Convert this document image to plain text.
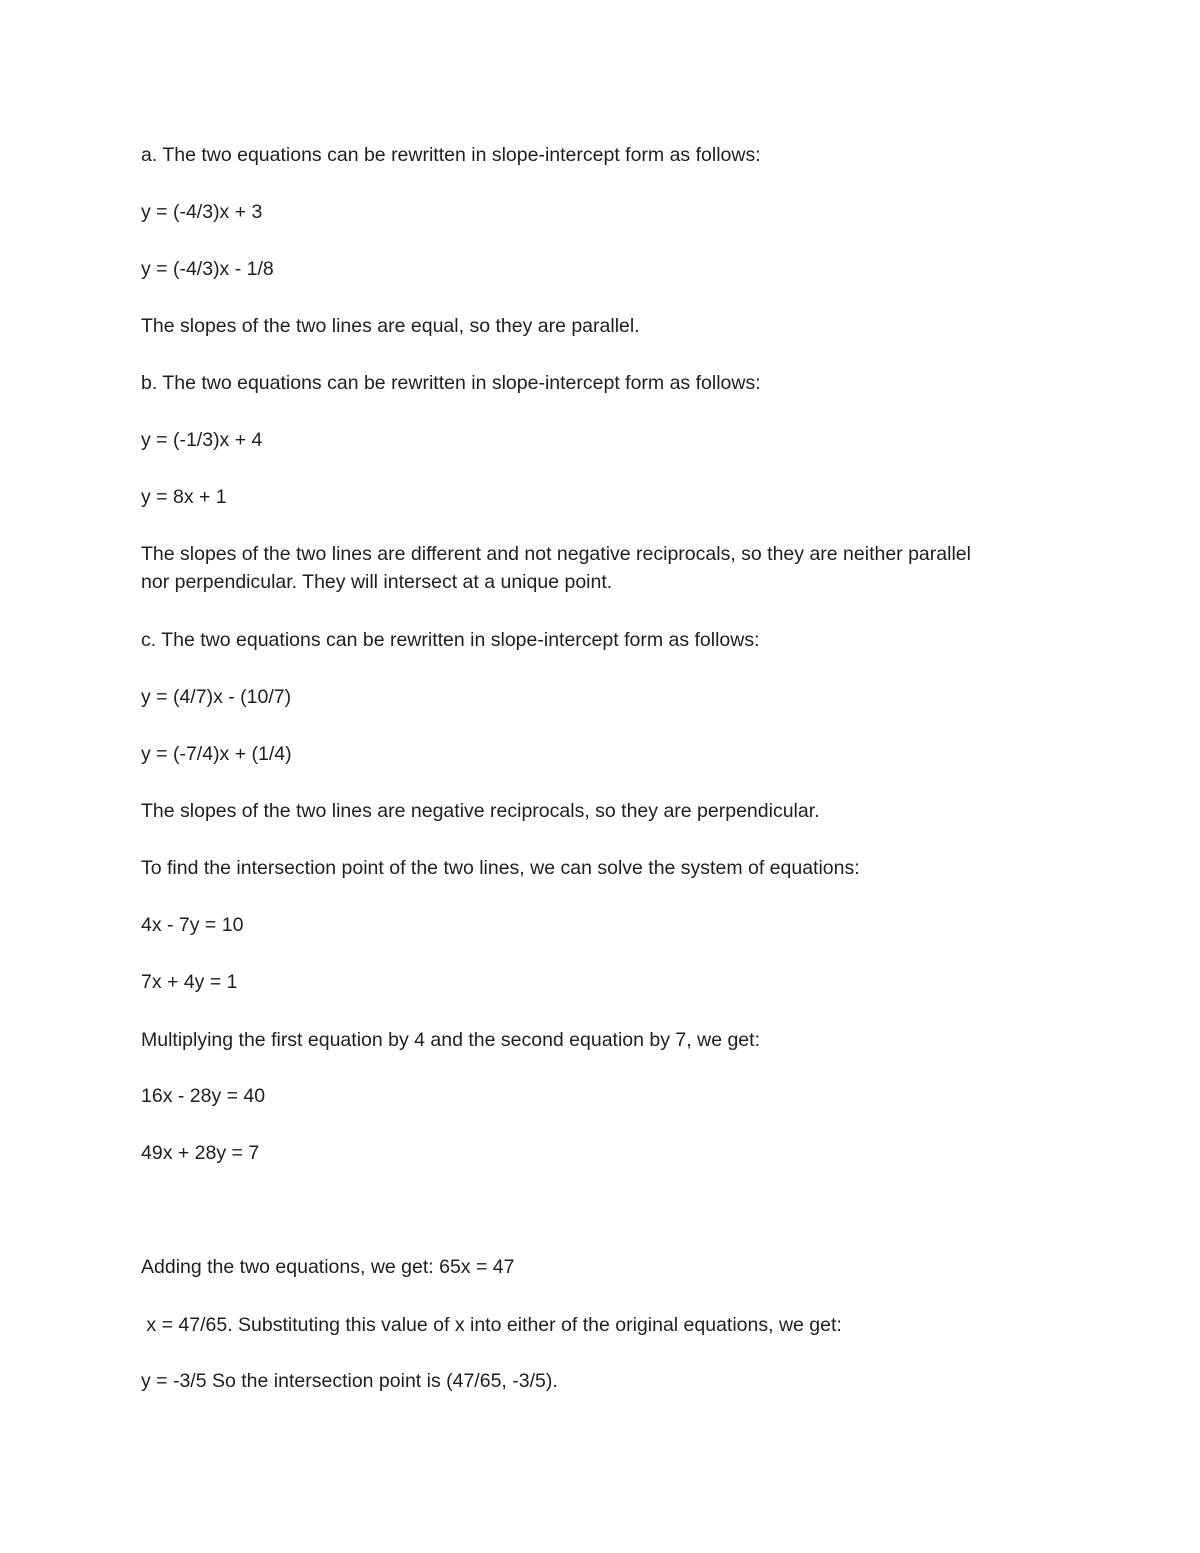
a. The two equations can be rewritten in slope-intercept form as follows:

y = (-4/3)x + 3

y = (-4/3)x - 1/8

The slopes of the two lines are equal, so they are parallel.

b. The two equations can be rewritten in slope-intercept form as follows:

y = (-1/3)x + 4

y = 8x + 1

The slopes of the two lines are different and not negative reciprocals, so they are neither parallel

nor perpendicular. They will intersect at a unique point.

c. The two equations can be rewritten in slope-intercept form as follows:

y = (4/7)x - (10/7)

y = (-7/4)x + (1/4)

The slopes of the two lines are negative reciprocals, so they are perpendicular.

To find the intersection point of the two lines, we can solve the system of equations:

4x - 7y = 10

7x + 4y = 1

Multiplying the first equation by 4 and the second equation by 7, we get:

16x - 28y = 40

49x + 28y = 7

Adding the two equations, we get: 65x = 47

x = 47/65. Substituting this value of x into either of the original equations, we get:

y = -3/5 So the intersection point is (47/65, -3/5).
